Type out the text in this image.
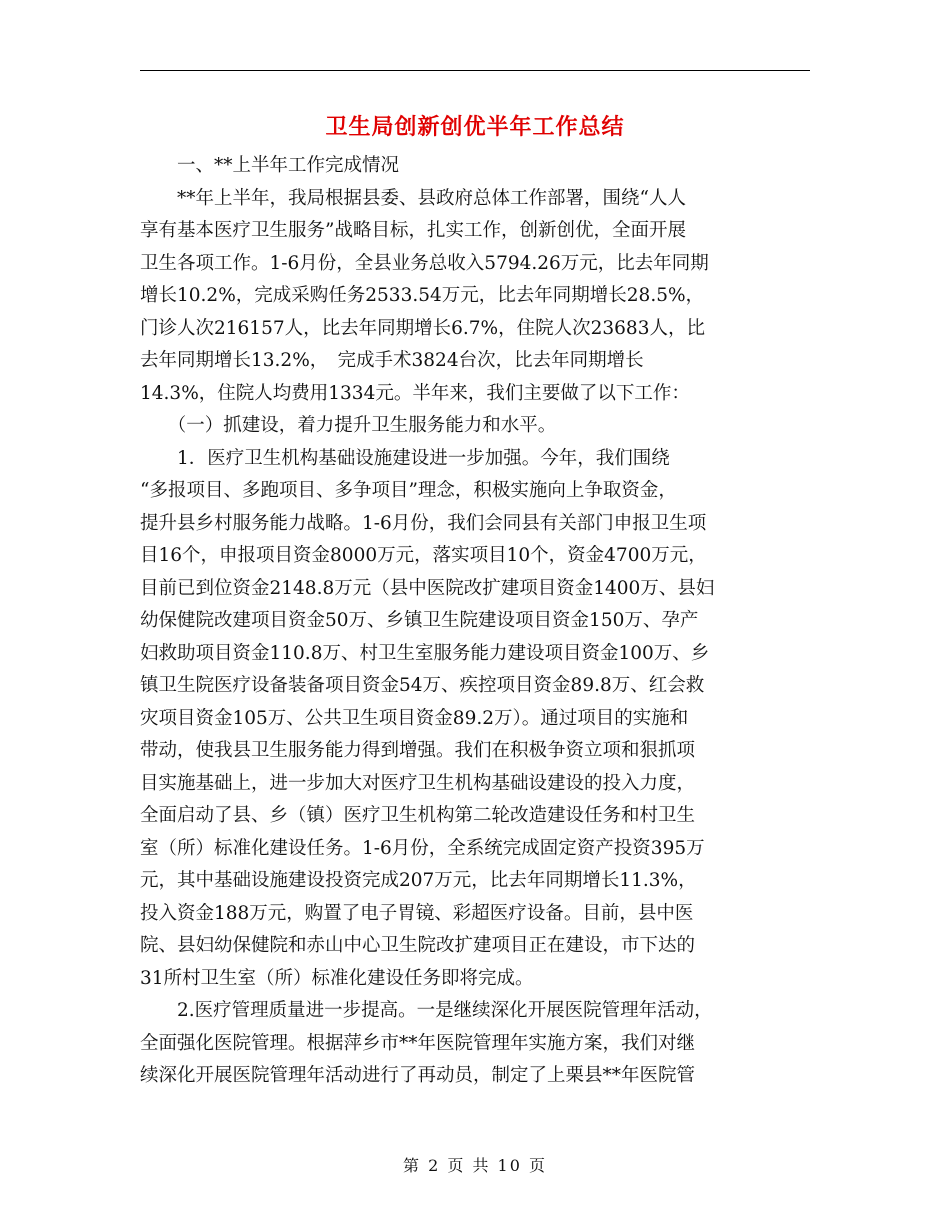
卫生局创新创优半年工作总结
　　一、**上半年工作完成情况
　　**年上半年，我局根据县委、县政府总体工作部署，围绕“人人
享有基本医疗卫生服务”战略目标，扎实工作，创新创优，全面开展
卫生各项工作。1-6月份，全县业务总收入5794.26万元，比去年同期
增长10.2%，完成采购任务2533.54万元，比去年同期增长28.5%，
门诊人次216157人，比去年同期增长6.7%，住院人次23683人，比
去年同期增长13.2%，　完成手术3824台次，比去年同期增长
14.3%，住院人均费用1334元。半年来，我们主要做了以下工作：
　　（一）抓建设，着力提升卫生服务能力和水平。
　　1．医疗卫生机构基础设施建设进一步加强。今年，我们围绕
“多报项目、多跑项目、多争项目”理念，积极实施向上争取资金，
提升县乡村服务能力战略。1-6月份，我们会同县有关部门申报卫生项
目16个，申报项目资金8000万元，落实项目10个，资金4700万元，
目前已到位资金2148.8万元（县中医院改扩建项目资金1400万、县妇
幼保健院改建项目资金50万、乡镇卫生院建设项目资金150万、孕产
妇救助项目资金110.8万、村卫生室服务能力建设项目资金100万、乡
镇卫生院医疗设备装备项目资金54万、疾控项目资金89.8万、红会救
灾项目资金105万、公共卫生项目资金89.2万）。通过项目的实施和
带动，使我县卫生服务能力得到增强。我们在积极争资立项和狠抓项
目实施基础上，进一步加大对医疗卫生机构基础设建设的投入力度，
全面启动了县、乡（镇）医疗卫生机构第二轮改造建设任务和村卫生
室（所）标准化建设任务。1-6月份，全系统完成固定资产投资395万
元，其中基础设施建设投资完成207万元，比去年同期增长11.3%，
投入资金188万元，购置了电子胃镜、彩超医疗设备。目前，县中医
院、县妇幼保健院和赤山中心卫生院改扩建项目正在建设，市下达的
31所村卫生室（所）标准化建设任务即将完成。
　　2.医疗管理质量进一步提高。一是继续深化开展医院管理年活动，
全面强化医院管理。根据萍乡市**年医院管理年实施方案，我们对继
续深化开展医院管理年活动进行了再动员，制定了上栗县**年医院管
第 2 页 共 10 页
